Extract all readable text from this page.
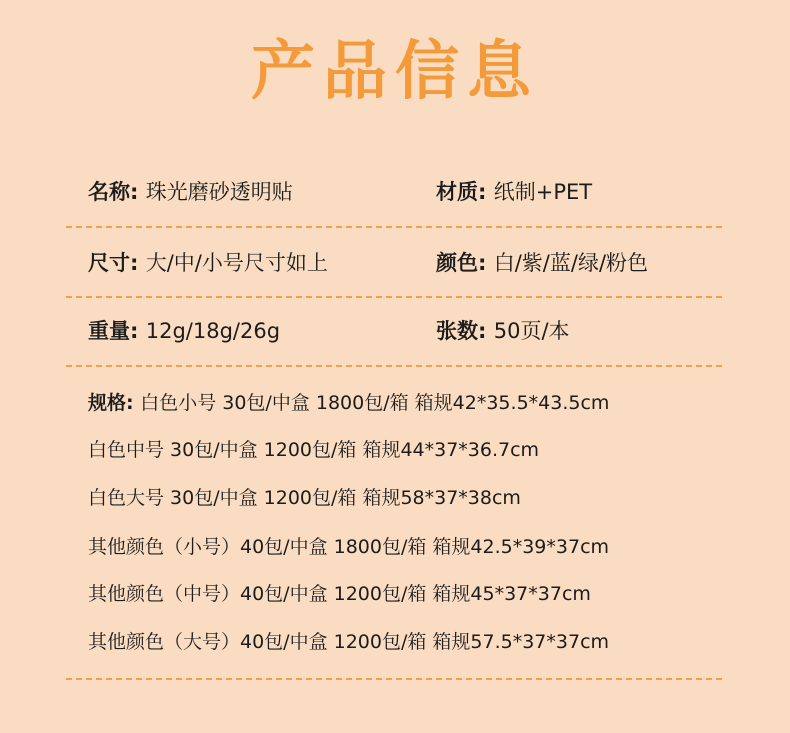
产品信息
名称: 珠光磨砂透明贴	材质: 纸制+PET
尺寸: 大/中/小号尺寸如上	颜色: 白/紫/蓝/绿/粉色
重量: 12g/18g/26g	张数: 50页/本
规格: 白色小号 30包/中盒 1800包/箱 箱规42*35.5*43.5cm
白色中号 30包/中盒 1200包/箱 箱规44*37*36.7cm
白色大号 30包/中盒 1200包/箱 箱规58*37*38cm
其他颜色（小号）40包/中盒 1800包/箱 箱规42.5*39*37cm
其他颜色（中号）40包/中盒 1200包/箱 箱规45*37*37cm
其他颜色（大号）40包/中盒 1200包/箱 箱规57.5*37*37cm
